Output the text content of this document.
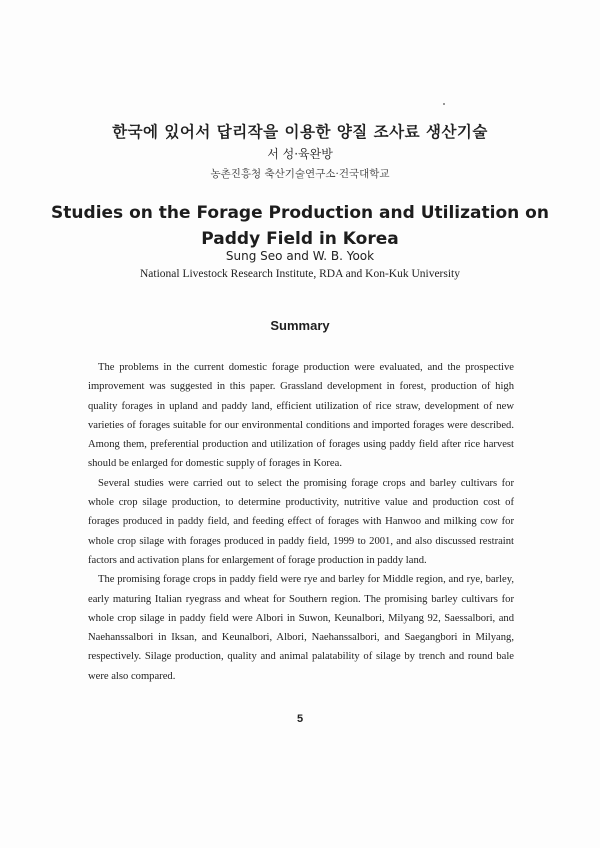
한국에 있어서 답리작을 이용한 양질 조사료 생산기술
서 성·육완방
농촌진흥청 축산기술연구소·건국대학교
Studies on the Forage Production and Utilization on
Paddy Field in Korea
Sung Seo and W. B. Yook
National Livestock Research Institute, RDA and Kon-Kuk University
Summary

The problems in the current domestic forage production were evaluated, and the prospective improvement was suggested in this paper. Grassland development in forest, production of high quality forages in upland and paddy land, efficient utilization of rice straw, development of new varieties of forages suitable for our environmental conditions and imported forages were described. Among them, preferential production and utilization of forages using paddy field after rice harvest should be enlarged for domestic supply of forages in Korea.

Several studies were carried out to select the promising forage crops and barley cultivars for whole crop silage production, to determine productivity, nutritive value and production cost of forages produced in paddy field, and feeding effect of forages with Hanwoo and milking cow for whole crop silage with forages produced in paddy field, 1999 to 2001, and also discussed restraint factors and activation plans for enlargement of forage production in paddy land.

The promising forage crops in paddy field were rye and barley for Middle region, and rye, barley, early maturing Italian ryegrass and wheat for Southern region. The promising barley cultivars for whole crop silage in paddy field were Albori in Suwon, Keunalbori, Milyang 92, Saessalbori, and Naehanssalbori in Iksan, and Keunalbori, Albori, Naehanssalbori, and Saegangbori in Milyang, respectively. Silage production, quality and animal palatability of silage by trench and round bale were also compared.

5
